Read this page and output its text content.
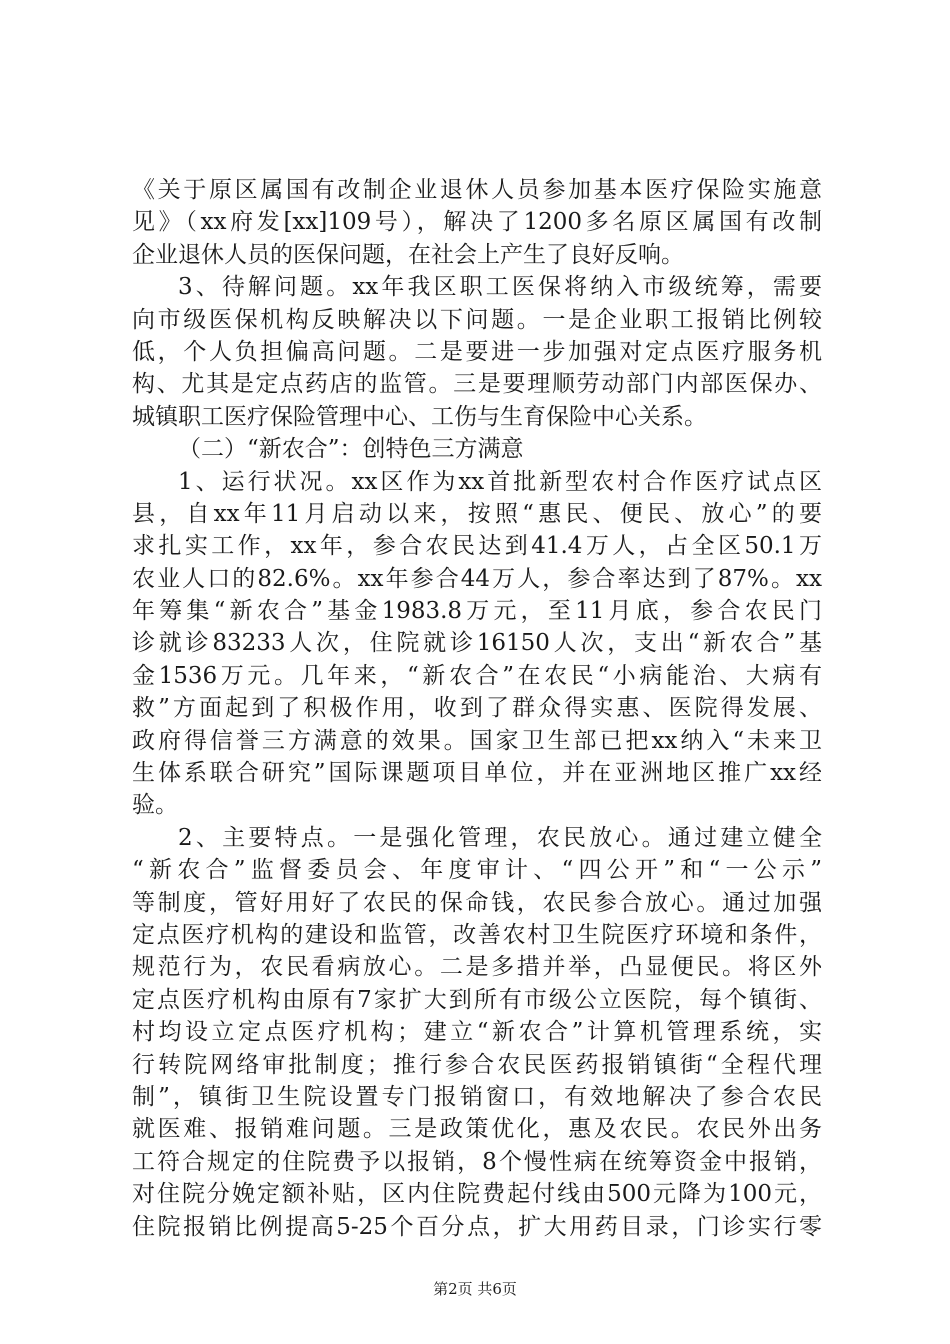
《关于原区属国有改制企业退休人员参加基本医疗保险实施意
见》（xx府发[xx]109号），解决了1200多名原区属国有改制
企业退休人员的医保问题，在社会上产生了良好反响。
3、待解问题。xx年我区职工医保将纳入市级统筹，需要
向市级医保机构反映解决以下问题。一是企业职工报销比例较
低，个人负担偏高问题。二是要进一步加强对定点医疗服务机
构、尤其是定点药店的监管。三是要理顺劳动部门内部医保办、
城镇职工医疗保险管理中心、工伤与生育保险中心关系。
（二）“新农合”：创特色三方满意
1、运行状况。xx区作为xx首批新型农村合作医疗试点区
县，自xx年11月启动以来，按照“惠民、便民、放心”的要
求扎实工作，xx年，参合农民达到41.4万人，占全区50.1万
农业人口的82.6%。xx年参合44万人，参合率达到了87%。xx
年筹集“新农合”基金1983.8万元，至11月底，参合农民门
诊就诊83233人次，住院就诊16150人次，支出“新农合”基
金1536万元。几年来，“新农合”在农民“小病能治、大病有
救”方面起到了积极作用，收到了群众得实惠、医院得发展、
政府得信誉三方满意的效果。国家卫生部已把xx纳入“未来卫
生体系联合研究”国际课题项目单位，并在亚洲地区推广xx经
验。
2、主要特点。一是强化管理，农民放心。通过建立健全
“新农合”监督委员会、年度审计、“四公开”和“一公示”
等制度，管好用好了农民的保命钱，农民参合放心。通过加强
定点医疗机构的建设和监管，改善农村卫生院医疗环境和条件，
规范行为，农民看病放心。二是多措并举，凸显便民。将区外
定点医疗机构由原有7家扩大到所有市级公立医院，每个镇街、
村均设立定点医疗机构；建立“新农合”计算机管理系统，实
行转院网络审批制度；推行参合农民医药报销镇街“全程代理
制”，镇街卫生院设置专门报销窗口，有效地解决了参合农民
就医难、报销难问题。三是政策优化，惠及农民。农民外出务
工符合规定的住院费予以报销，8个慢性病在统筹资金中报销，
对住院分娩定额补贴，区内住院费起付线由500元降为100元，
住院报销比例提高5-25个百分点，扩大用药目录，门诊实行零
第2页 共6页
